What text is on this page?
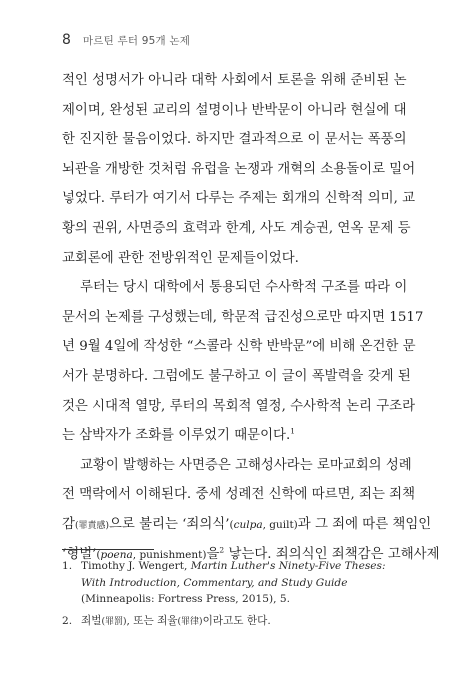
8 마르틴 루터 95개 논제
적인 성명서가 아니라 대학 사회에서 토론을 위해 준비된 논
제이며, 완성된 교리의 설명이나 반박문이 아니라 현실에 대
한 진지한 물음이었다. 하지만 결과적으로 이 문서는 폭풍의
뇌관을 개방한 것처럼 유럽을 논쟁과 개혁의 소용돌이로 밀어
넣었다. 루터가 여기서 다루는 주제는 회개의 신학적 의미, 교
황의 권위, 사면증의 효력과 한계, 사도 계승권, 연옥 문제 등
교회론에 관한 전방위적인 문제들이었다.
루터는 당시 대학에서 통용되던 수사학적 구조를 따라 이
문서의 논제를 구성했는데, 학문적 급진성으로만 따지면 1517
년 9월 4일에 작성한 “스콜라 신학 반박문”에 비해 온건한 문
서가 분명하다. 그럼에도 불구하고 이 글이 폭발력을 갖게 된
것은 시대적 열망, 루터의 목회적 열정, 수사학적 논리 구조라
는 삼박자가 조화를 이루었기 때문이다.$^1$
교황이 발행하는 사면증은 고해성사라는 로마교회의 성례
전 맥락에서 이해된다. 중세 성례전 신학에 따르면, 죄는 죄책
감(罪責感)으로 불리는 ‘죄의식’(culpa, guilt)과 그 죄에 따른 책임인
‘형벌’(poena, punishment)을$^2$ 낳는다. 죄의식인 죄책감은 고해사제
1. Timothy J. Wengert, Martin Luther's Ninety-Five Theses: With Introduction, Commentary, and Study Guide (Minneapolis: Fortress Press, 2015), 5.
2. 죄벌(罪罰), 또는 죄율(罪律)이라고도 한다.
